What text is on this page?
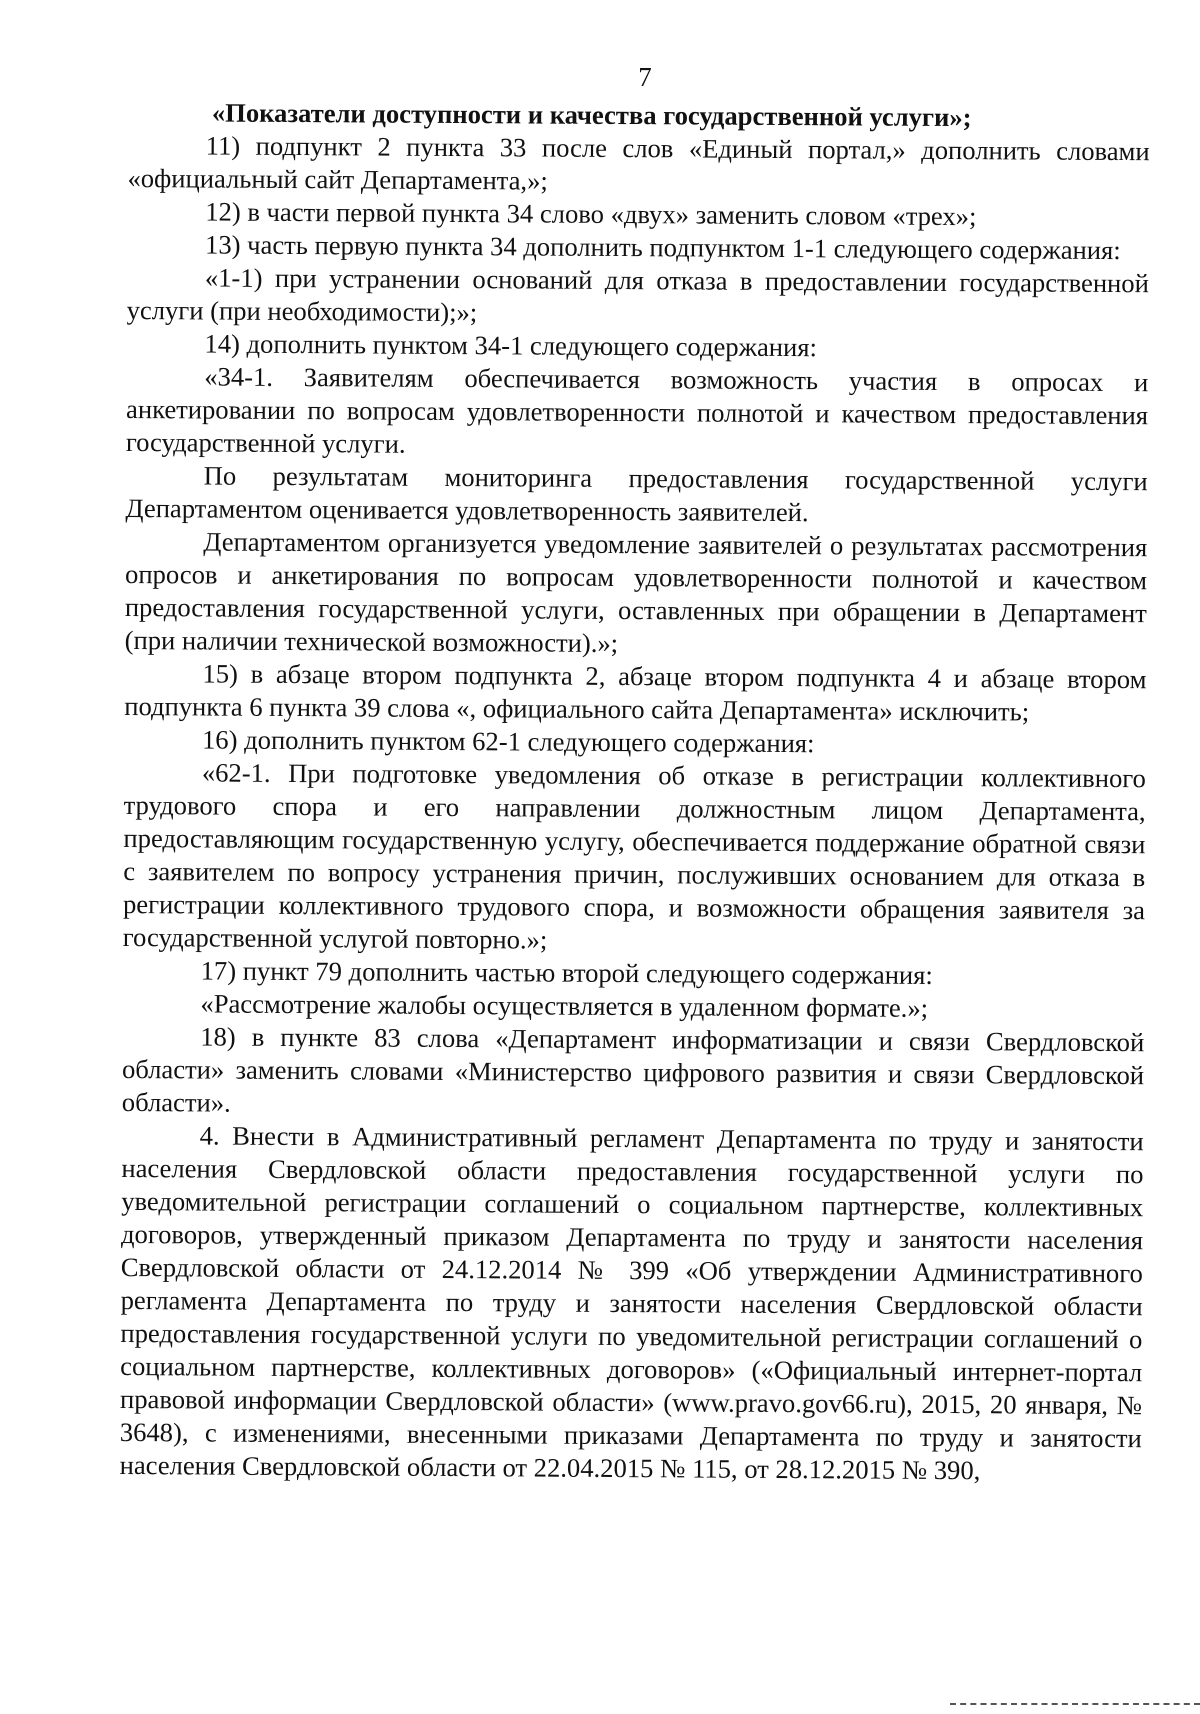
7

«Показатели доступности и качества государственной услуги»;

11) подпункт 2 пункта 33 после слов «Единый портал,» дополнить словами «официальный сайт Департамента,»;

12) в части первой пункта 34 слово «двух» заменить словом «трех»;

13) часть первую пункта 34 дополнить подпунктом 1-1 следующего содержания:

«1-1) при устранении оснований для отказа в предоставлении государственной услуги (при необходимости);»;

14) дополнить пунктом 34-1 следующего содержания:

«34-1. Заявителям обеспечивается возможность участия в опросах и анкетировании по вопросам удовлетворенности полнотой и качеством предоставления государственной услуги.

По результатам мониторинга предоставления государственной услуги Департаментом оценивается удовлетворенность заявителей.

Департаментом организуется уведомление заявителей о результатах рассмотрения опросов и анкетирования по вопросам удовлетворенности полнотой и качеством предоставления государственной услуги, оставленных при обращении в Департамент (при наличии технической возможности).»;

15) в абзаце втором подпункта 2, абзаце втором подпункта 4 и абзаце втором подпункта 6 пункта 39 слова «, официального сайта Департамента» исключить;

16) дополнить пунктом 62-1 следующего содержания:

«62-1. При подготовке уведомления об отказе в регистрации коллективного трудового спора и его направлении должностным лицом Департамента, предоставляющим государственную услугу, обеспечивается поддержание обратной связи с заявителем по вопросу устранения причин, послуживших основанием для отказа в регистрации коллективного трудового спора, и возможности обращения заявителя за государственной услугой повторно.»;

17) пункт 79 дополнить частью второй следующего содержания:

«Рассмотрение жалобы осуществляется в удаленном формате.»;

18) в пункте 83 слова «Департамент информатизации и связи Свердловской области» заменить словами «Министерство цифрового развития и связи Свердловской области».

4. Внести в Административный регламент Департамента по труду и занятости населения Свердловской области предоставления государственной услуги по уведомительной регистрации соглашений о социальном партнерстве, коллективных договоров, утвержденный приказом Департамента по труду и занятости населения Свердловской области от 24.12.2014 № 399 «Об утверждении Административного регламента Департамента по труду и занятости населения Свердловской области предоставления государственной услуги по уведомительной регистрации соглашений о социальном партнерстве, коллективных договоров» («Официальный интернет-портал правовой информации Свердловской области» (www.pravo.gov66.ru), 2015, 20 января, № 3648), с изменениями, внесенными приказами Департамента по труду и занятости населения Свердловской области от 22.04.2015 № 115, от 28.12.2015 № 390,
